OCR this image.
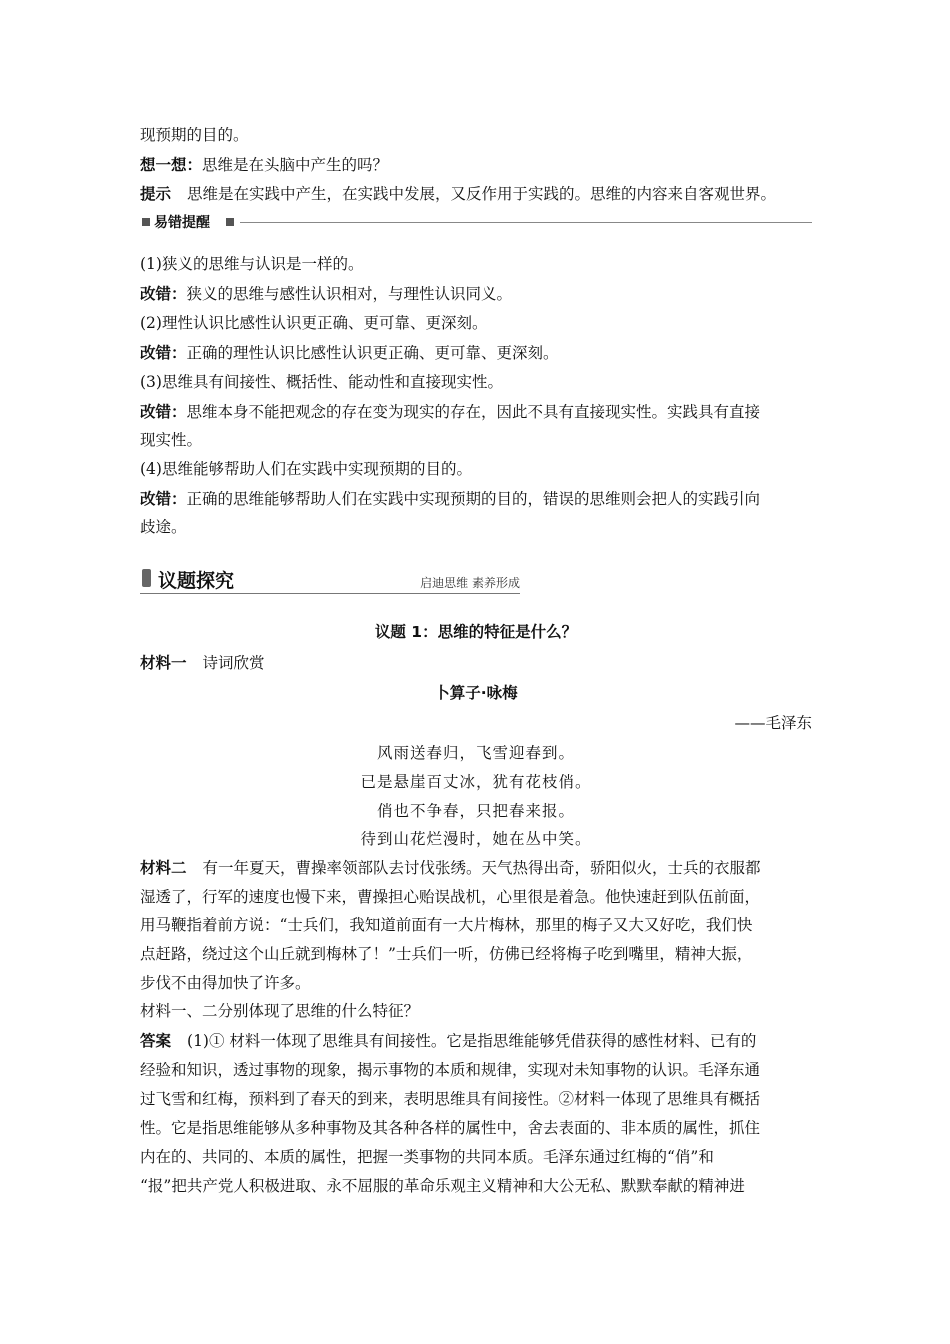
现预期的目的。
想一想：思维是在头脑中产生的吗？
提示 思维是在实践中产生，在实践中发展，又反作用于实践的。思维的内容来自客观世界。
易错提醒
(1)狭义的思维与认识是一样的。
改错：狭义的思维与感性认识相对，与理性认识同义。
(2)理性认识比感性认识更正确、更可靠、更深刻。
改错：正确的理性认识比感性认识更正确、更可靠、更深刻。
(3)思维具有间接性、概括性、能动性和直接现实性。
改错：思维本身不能把观念的存在变为现实的存在，因此不具有直接现实性。实践具有直接
现实性。
(4)思维能够帮助人们在实践中实现预期的目的。
改错：正确的思维能够帮助人们在实践中实现预期的目的，错误的思维则会把人的实践引向
歧途。
议题探究	启迪思维 素养形成
议题 1：思维的特征是什么？
材料一 诗词欣赏
卜算子·咏梅
——毛泽东
风雨送春归，飞雪迎春到。
已是悬崖百丈冰，犹有花枝俏。
俏也不争春，只把春来报。
待到山花烂漫时，她在丛中笑。
材料二 有一年夏天，曹操率领部队去讨伐张绣。天气热得出奇，骄阳似火，士兵的衣服都
湿透了，行军的速度也慢下来，曹操担心贻误战机，心里很是着急。他快速赶到队伍前面，
用马鞭指着前方说：“士兵们，我知道前面有一大片梅林，那里的梅子又大又好吃，我们快
点赶路，绕过这个山丘就到梅林了！”士兵们一听，仿佛已经将梅子吃到嘴里，精神大振，
步伐不由得加快了许多。
材料一、二分别体现了思维的什么特征？
答案 (1)① 材料一体现了思维具有间接性。它是指思维能够凭借获得的感性材料、已有的
经验和知识，透过事物的现象，揭示事物的本质和规律，实现对未知事物的认识。毛泽东通
过飞雪和红梅，预料到了春天的到来，表明思维具有间接性。②材料一体现了思维具有概括
性。它是指思维能够从多种事物及其各种各样的属性中，舍去表面的、非本质的属性，抓住
内在的、共同的、本质的属性，把握一类事物的共同本质。毛泽东通过红梅的“俏”和
“报”把共产党人积极进取、永不屈服的革命乐观主义精神和大公无私、默默奉献的精神进
